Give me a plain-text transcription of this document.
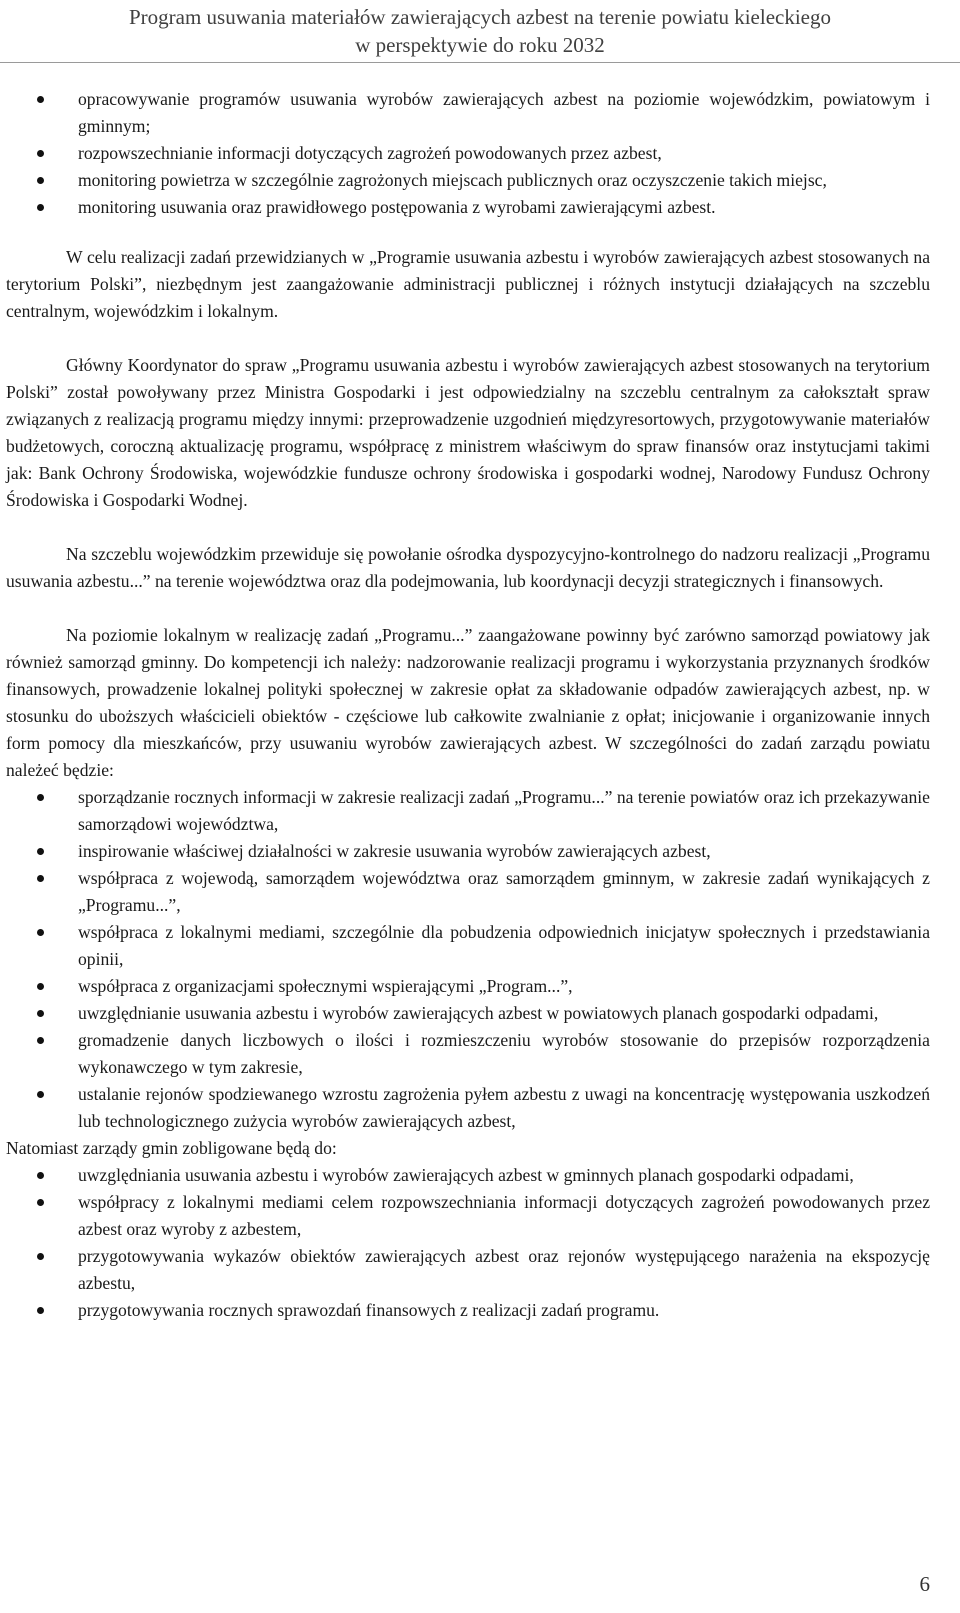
Program usuwania materiałów zawierających azbest na terenie powiatu kieleckiego
w perspektywie do roku 2032
opracowywanie programów usuwania wyrobów zawierających azbest na poziomie wojewódzkim, powiatowym i gminnym;
rozpowszechnianie informacji dotyczących zagrożeń powodowanych przez azbest,
monitoring powietrza w szczególnie zagrożonych miejscach publicznych oraz oczyszczenie takich miejsc,
monitoring usuwania oraz prawidłowego postępowania z wyrobami zawierającymi azbest.

W celu realizacji zadań przewidzianych w „Programie usuwania azbestu i wyrobów zawierających azbest stosowanych na terytorium Polski”, niezbędnym jest zaangażowanie administracji publicznej i różnych instytucji działających na szczeblu centralnym, wojewódzkim i lokalnym.

Główny Koordynator do spraw „Programu usuwania azbestu i wyrobów zawierających azbest stosowanych na terytorium Polski” został powoływany przez Ministra Gospodarki i jest odpowiedzialny na szczeblu centralnym za całokształt spraw związanych z realizacją programu między innymi: przeprowadzenie uzgodnień międzyresortowych, przygotowywanie materiałów budżetowych, coroczną aktualizację programu, współpracę z ministrem właściwym do spraw finansów oraz instytucjami takimi jak: Bank Ochrony Środowiska, wojewódzkie fundusze ochrony środowiska i gospodarki wodnej, Narodowy Fundusz Ochrony Środowiska i Gospodarki Wodnej.

Na szczeblu wojewódzkim przewiduje się powołanie ośrodka dyspozycyjno-kontrolnego do nadzoru realizacji „Programu usuwania azbestu...” na terenie województwa oraz dla podejmowania, lub koordynacji decyzji strategicznych i finansowych.

Na poziomie lokalnym w realizację zadań „Programu...” zaangażowane powinny być zarówno samorząd powiatowy jak również samorząd gminny. Do kompetencji ich należy: nadzorowanie realizacji programu i wykorzystania przyznanych środków finansowych, prowadzenie lokalnej polityki społecznej w zakresie opłat za składowanie odpadów zawierających azbest, np. w stosunku do uboższych właścicieli obiektów - częściowe lub całkowite zwalnianie z opłat; inicjowanie i organizowanie innych form pomocy dla mieszkańców, przy usuwaniu wyrobów zawierających azbest. W szczególności do zadań zarządu powiatu należeć będzie:

sporządzanie rocznych informacji w zakresie realizacji zadań „Programu...” na terenie powiatów oraz ich przekazywanie samorządowi województwa,
inspirowanie właściwej działalności w zakresie usuwania wyrobów zawierających azbest,
współpraca z wojewodą, samorządem województwa oraz samorządem gminnym, w zakresie zadań wynikających z „Programu...”,
współpraca z lokalnymi mediami, szczególnie dla pobudzenia odpowiednich inicjatyw społecznych i przedstawiania opinii,
współpraca z organizacjami społecznymi wspierającymi „Program...”,
uwzględnianie usuwania azbestu i wyrobów zawierających azbest w powiatowych planach gospodarki odpadami,
gromadzenie danych liczbowych o ilości i rozmieszczeniu wyrobów stosowanie do przepisów rozporządzenia wykonawczego w tym zakresie,
ustalanie rejonów spodziewanego wzrostu zagrożenia pyłem azbestu z uwagi na koncentrację występowania uszkodzeń lub technologicznego zużycia wyrobów zawierających azbest,

Natomiast zarządy gmin zobligowane będą do:

uwzględniania usuwania azbestu i wyrobów zawierających azbest w gminnych planach gospodarki odpadami,
współpracy z lokalnymi mediami celem rozpowszechniania informacji dotyczących zagrożeń powodowanych przez azbest oraz wyroby z azbestem,
przygotowywania wykazów obiektów zawierających azbest oraz rejonów występującego narażenia na ekspozycję azbestu,
przygotowywania rocznych sprawozdań finansowych z realizacji zadań programu.
6
